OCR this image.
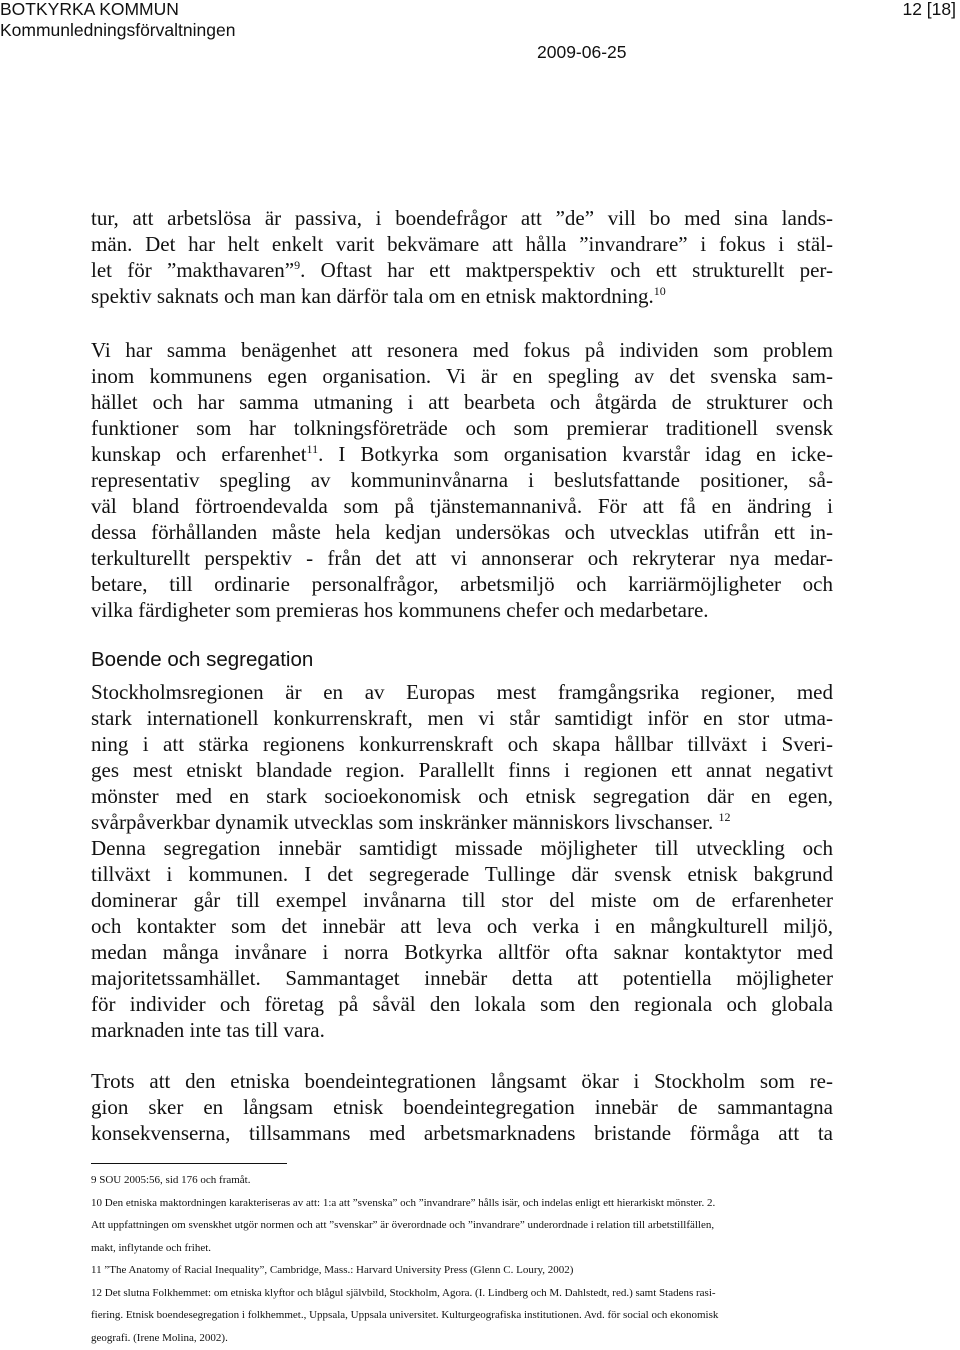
BOTKYRKA KOMMUN
Kommunledningsförvaltningen
2009-06-25
12 [18]
tur, att arbetslösa är passiva, i boendefrågor att ”de” vill bo med sina lands-
män. Det har helt enkelt varit bekvämare att hålla ”invandrare” i fokus i stäl-
let för ”makthavaren”$^9$. Oftast har ett maktperspektiv och ett strukturellt per-
spektiv saknats och man kan därför tala om en etnisk maktordning.$^{10}$
Vi har samma benägenhet att resonera med fokus på individen som problem
inom kommunens egen organisation. Vi är en spegling av det svenska sam-
hället och har samma utmaning i att bearbeta och åtgärda de strukturer och
funktioner som har tolkningsföreträde och som premierar traditionell svensk
kunskap och erfarenhet$^{11}$. I Botkyrka som organisation kvarstår idag en icke-
representativ spegling av kommuninvånarna i beslutsfattande positioner, så-
väl bland förtroendevalda som på tjänstemannanivå. För att få en ändring i
dessa förhållanden måste hela kedjan undersökas och utvecklas utifrån ett in-
terkulturellt perspektiv - från det att vi annonserar och rekryterar nya medar-
betare, till ordinarie personalfrågor, arbetsmiljö och karriärmöjligheter och
vilka färdigheter som premieras hos kommunens chefer och medarbetare.
Boende och segregation
Stockholmsregionen är en av Europas mest framgångsrika regioner, med
stark internationell konkurrenskraft, men vi står samtidigt inför en stor utma-
ning i att stärka regionens konkurrenskraft och skapa hållbar tillväxt i Sveri-
ges mest etniskt blandade region. Parallellt finns i regionen ett annat negativt
mönster med en stark socioekonomisk och etnisk segregation där en egen,
svårpåverkbar dynamik utvecklas som inskränker människors livschanser. $^{12}$
Denna segregation innebär samtidigt missade möjligheter till utveckling och
tillväxt i kommunen. I det segregerade Tullinge där svensk etnisk bakgrund
dominerar går till exempel invånarna till stor del miste om de erfarenheter
och kontakter som det innebär att leva och verka i en mångkulturell miljö,
medan många invånare i norra Botkyrka alltför ofta saknar kontaktytor med
majoritetssamhället. Sammantaget innebär detta att potentiella möjligheter
för individer och företag på såväl den lokala som den regionala och globala
marknaden inte tas till vara.
Trots att den etniska boendeintegrationen långsamt ökar i Stockholm som re-
gion sker en långsam etnisk boendeintegregation innebär de sammantagna
konsekvenserna, tillsammans med arbetsmarknadens bristande förmåga att ta
9 SOU 2005:56, sid 176 och framåt.
10 Den etniska maktordningen karakteriseras av att: 1:a att ”svenska” och ”invandrare” hålls isär, och indelas enligt ett hierarkiskt mönster. 2.
Att uppfattningen om svenskhet utgör normen och att ”svenskar” är överordnade och ”invandrare” underordnade i relation till arbetstillfällen,
makt, inflytande och frihet.
11 ”The Anatomy of Racial Inequality”, Cambridge, Mass.: Harvard University Press (Glenn C. Loury, 2002)
12 Det slutna Folkhemmet: om etniska klyftor och blågul självbild, Stockholm, Agora. (I. Lindberg och M. Dahlstedt, red.) samt Stadens rasi-
fiering. Etnisk boendesegregation i folkhemmet., Uppsala, Uppsala universitet. Kulturgeografiska institutionen. Avd. för social och ekonomisk
geografi. (Irene Molina, 2002).
